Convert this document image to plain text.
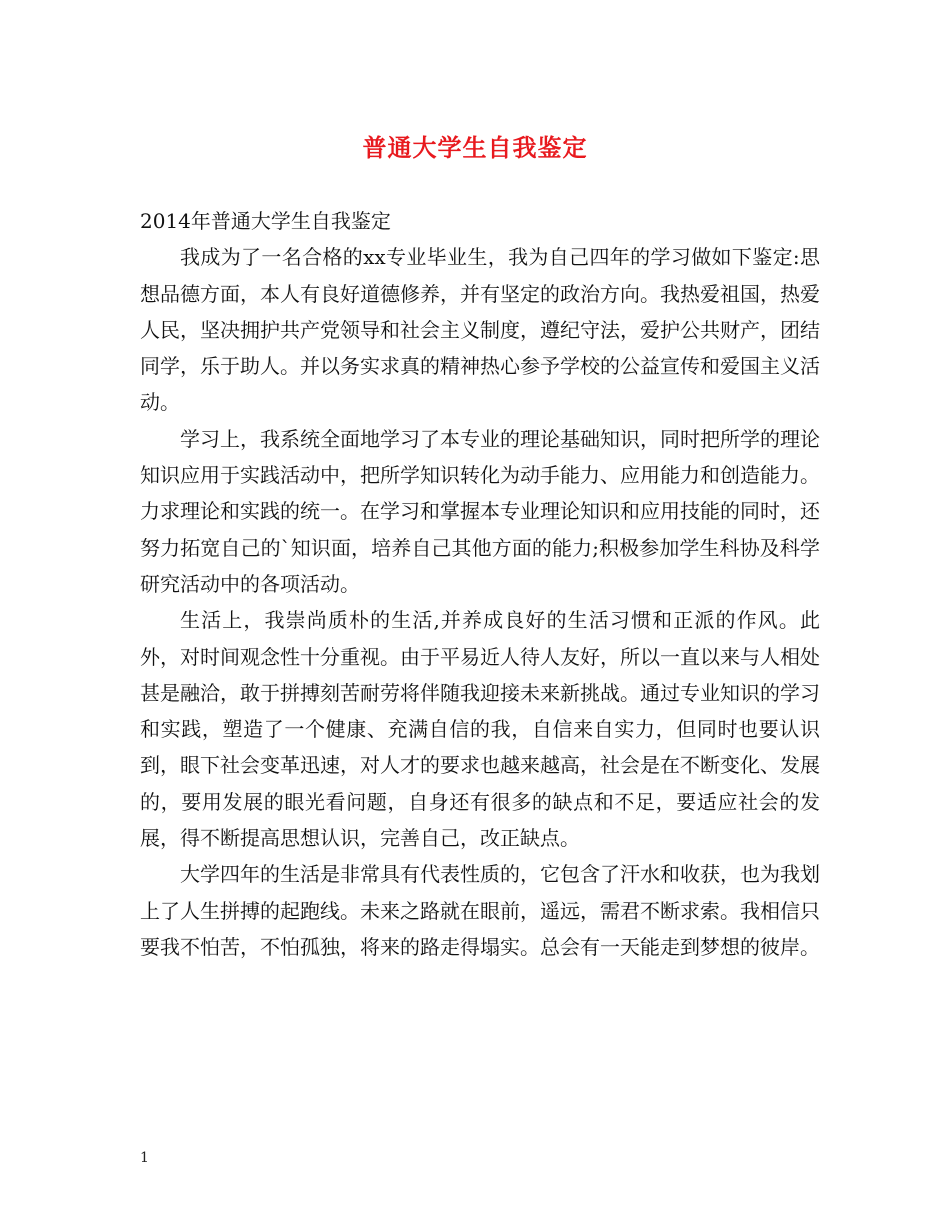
普通大学生自我鉴定

2014年普通大学生自我鉴定

我成为了一名合格的xx专业毕业生，我为自己四年的学习做如下鉴定:思想品德方面，本人有良好道德修养，并有坚定的政治方向。我热爱祖国，热爱人民，坚决拥护共产党领导和社会主义制度，遵纪守法，爱护公共财产，团结同学，乐于助人。并以务实求真的精神热心参予学校的公益宣传和爱国主义活动。

学习上，我系统全面地学习了本专业的理论基础知识，同时把所学的理论知识应用于实践活动中，把所学知识转化为动手能力、应用能力和创造能力。力求理论和实践的统一。在学习和掌握本专业理论知识和应用技能的同时，还努力拓宽自己的`知识面，培养自己其他方面的能力;积极参加学生科协及科学研究活动中的各项活动。

生活上，我崇尚质朴的生活,并养成良好的生活习惯和正派的作风。此外，对时间观念性十分重视。由于平易近人待人友好，所以一直以来与人相处甚是融洽，敢于拼搏刻苦耐劳将伴随我迎接未来新挑战。通过专业知识的学习和实践，塑造了一个健康、充满自信的我，自信来自实力，但同时也要认识到，眼下社会变革迅速，对人才的要求也越来越高，社会是在不断变化、发展的，要用发展的眼光看问题，自身还有很多的缺点和不足，要适应社会的发展，得不断提高思想认识，完善自己，改正缺点。

大学四年的生活是非常具有代表性质的，它包含了汗水和收获，也为我划上了人生拼搏的起跑线。未来之路就在眼前，遥远，需君不断求索。我相信只要我不怕苦，不怕孤独，将来的路走得塌实。总会有一天能走到梦想的彼岸。

1
